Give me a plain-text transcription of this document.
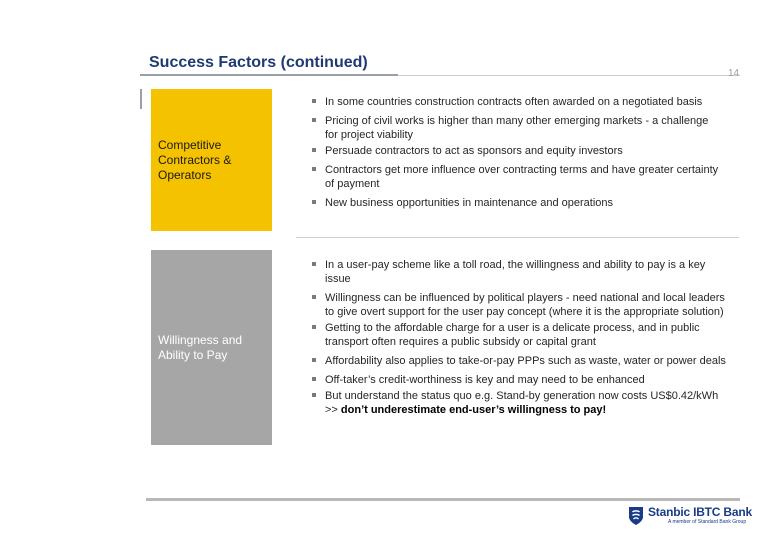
Success Factors (continued)
14
Competitive Contractors & Operators
In some countries construction contracts often awarded on a negotiated basis
Pricing of civil works is higher than many other emerging markets - a challenge for project viability
Persuade contractors to act as sponsors and equity investors
Contractors get more influence over contracting terms and have greater certainty of payment
New business opportunities in maintenance and operations
Willingness and Ability to Pay
In a user-pay scheme like a toll road, the willingness and ability to pay is a key issue
Willingness can be influenced by political players - need national and local leaders to give overt support for the user pay concept (where it is the appropriate solution)
Getting to the affordable charge for a user is a delicate process, and in public transport often requires a public subsidy or capital grant
Affordability also applies to take-or-pay PPPs such as waste, water or power deals
Off-taker’s credit-worthiness is key and may need to be enhanced
But understand the status quo e.g. Stand-by generation now costs US$0.42/kWh >> don’t underestimate end-user’s willingness to pay!
Stanbic IBTC Bank
A member of Standard Bank Group
